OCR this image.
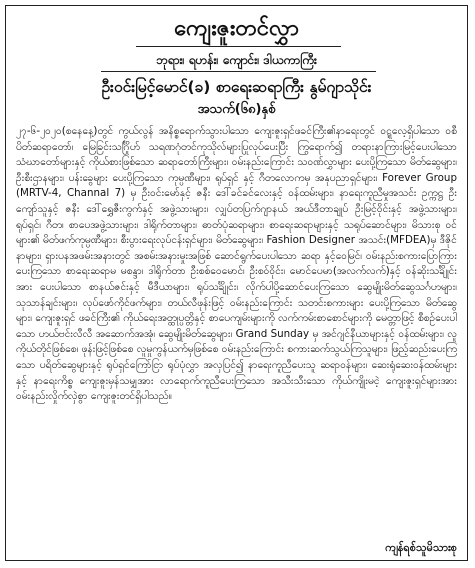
ကျေးဇူးတင်လွှာ
ဘုရား၊ ရဟန်း၊ ကျောင်း၊ ဒါယကာကြီး
ဦးဝင်းမြင့်မောင်(ခ) စာရေးဆရာကြီး နွမ်ဂျာသိုင်း
အသက်(၆၈)နှစ်
၂၇-၆-၂၀၂၀(စနေနေ့)တွင် ကွယ်လွန် အနိစ္စရောက်သွားပါသော ကျေးဇူးရှင်ဖခင်ကြီး၏နာရေးတွင် ဝဋ္ဋလေ့ရှိပါသော ဝစီပိတ်ဆရာတော်၊ မြေခြင်းသင်္ဂြိုဟ် သရဏဂုံတင်ကုသိုလ်များပြုလုပ်ပေးပြီး ကြွရောက်၍ တရားနာကြားမြင့်ပေးပါသော သံဃာတော်များနှင့် ကိုယ်စားဖြစ်သော ဆရာတော်ကြီးများ၊ ဝမ်းနည်းကြောင်း သဝဏ်လွှာများ ပေးပို့ကြသော မိတ်ဆွေများ၊ ဦးစီးဌာနများ၊ ပန်းခွေများ ပေးပို့ကြသော ကုမ္ပဏီများ၊ ရုပ်ရှင် နှင့် ဂီတလောကမှ အနုပညာရှင်များ၊ Forever Group (MRTV-4, Channal 7) မှ ဦးဝင်းမော်နှင့် ဇနီး ဒေါ်ခင်ခင်လေးနှင့် ဝန်ထမ်းများ၊ နာရေးကူညီမှုအသင်း ဥက္ကဋ္ဌ ဦးကျော်သူနှင့် ဇနီး ဒေါ်ရွှေဇီးကွက်နှင့် အဖွဲ့သားများ၊ လျှပ်တပြက်ဂျာနယ် အယ်ဒီတာချုပ် ဦးမြင့်ဝိုင်းနှင့် အဖွဲ့သားများ၊ ရုပ်ရှင်၊ ဂီတ၊ စာပေအဖွဲ့သားများ၊ ဒါရိုက်တာများ၊ ဓာတ်ပုံဆရာများ၊ စာရေးဆရာများနှင့် သရုပ်ဆောင်များ၊ မိသားစု ဝင်များ၏ မိတ်ဖက်ကုမ္ပဏီများ၊ စီးပွားရေးလုပ်ငန်းရှင်များ၊ မိတ်ဆွေများ၊ Fashion Designer အသင်း(MFDEA)မှ ဒီဇိုင်နာများ၊ ရှားပနအဖမ်းအနားတွင် အစမ်းအနားမှုးအဖြစ် ဆောင်ရွက်ပေးပါသော ဆရာ နှင့်ဝေမြင်၊ ဝမ်းနည်းစကားပြောကြားပေးကြသော စာရေးဆရာမ မစန္ဒာ၊ ဒါရိုက်တာ ဦးစစ်ဝေမောင်၊ ဦးစဝ်ဝိုင်း၊ မောင်ပေမာ(အလက်လက်)နှင့် ဝန်ဆိုးသင်္ချိုင်းအား ပေးပါသော စာနယ်ဇင်းနှင့် မီဒီယာများ၊ ရုပ်သင်္ချိုင်း၊ လိုက်ပါပို့ဆောင်ပေးကြသော ဆွေမျိုးမိတ်ဆွေသင်္ဂဟများ၊ သုသာန်ချင်းများ၊ လုပ်ဖော်ကိုင်ဖက်များ၊ တယ်လီဖုန်းဖြင့် ဝမ်းနည်းကြောင်း သတင်းစကားများ ပေးပို့ကြသော မိတ်ဆွေများ၊ ကျေးဇူးရှင် ဖခင်ကြီး၏ ကိုယ်ရေးအတ္ထုပ္ပတ္တိနှင့် စာပေကျမ်းများကို လက်ကမ်းစာစောင်များကို မေတ္တာဖြင့် စီစဉ်ပေးပါသော ဟယ်ဗင်းလီလီ အဆောက်အအုံ၊ ဆွေမျိုးမိတ်ဆွေများ၊ Grand Sunday မှ အင်ဂျင်နီယာများနှင့် ဝန်ထမ်းများ၊ လူကိုယ်တိုင်ဖြစ်စေ၊ ဖုန်းဖြင့်ဖြစ်စေ လူမှုကွန်ယက်မှဖြစ်စေ ဝမ်းနည်းကြောင်း စကားဆက်သွယ်ကြသူများ၊ ဖြည့်ဆည်းပေးကြသော ပရိတ်ဆွေများနှင့် ရုပ်ရှင်ကြော်ငြာ ရုပ်ပုံလွှာ အလှပြင်၍ နာရေးကူညီပေးသူ ဆရာဝန်များ၊ ဆေးရုံဆေးဝန်ထမ်းများနှင့် နာရေးကိစ္စ ကျေးဇူးမှန်သမျှအား လာရောက်ကူညီပေးကြသော အသီးသီးသော ကိုယ်ကျိုးမငဲ့ ကျေးဇူးရှင်များအား ဝမ်းနည်းလှိုက်လှဲစွာ ကျေးဇူးတင်ရှိပါသည်။
ကျန်ရစ်သူမိသားစု
